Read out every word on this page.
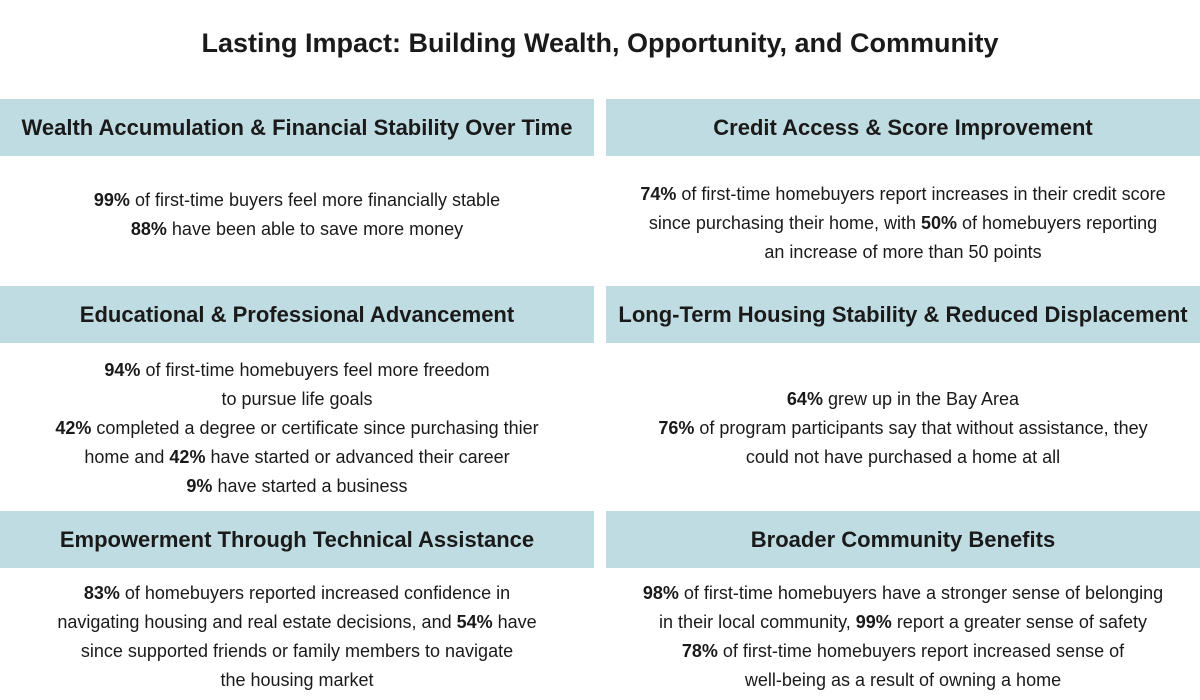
Lasting Impact: Building Wealth, Opportunity, and Community
Wealth Accumulation & Financial Stability Over Time	Credit Access & Score Improvement
99% of first-time buyers feel more financially stable
88% have been able to save more money
74% of first-time homebuyers report increases in their credit score
since purchasing their home, with 50% of homebuyers reporting
an increase of more than 50 points
Educational & Professional Advancement	Long-Term Housing Stability & Reduced Displacement
94% of first-time homebuyers feel more freedom
to pursue life goals
42% completed a degree or certificate since purchasing thier
home and 42% have started or advanced their career
9% have started a business
64% grew up in the Bay Area
76% of program participants say that without assistance, they
could not have purchased a home at all
Empowerment Through Technical Assistance	Broader Community Benefits
83% of homebuyers reported increased confidence in
navigating housing and real estate decisions, and 54% have
since supported friends or family members to navigate
the housing market
98% of first-time homebuyers have a stronger sense of belonging
in their local community, 99% report a greater sense of safety
78% of first-time homebuyers report increased sense of
well-being as a result of owning a home
